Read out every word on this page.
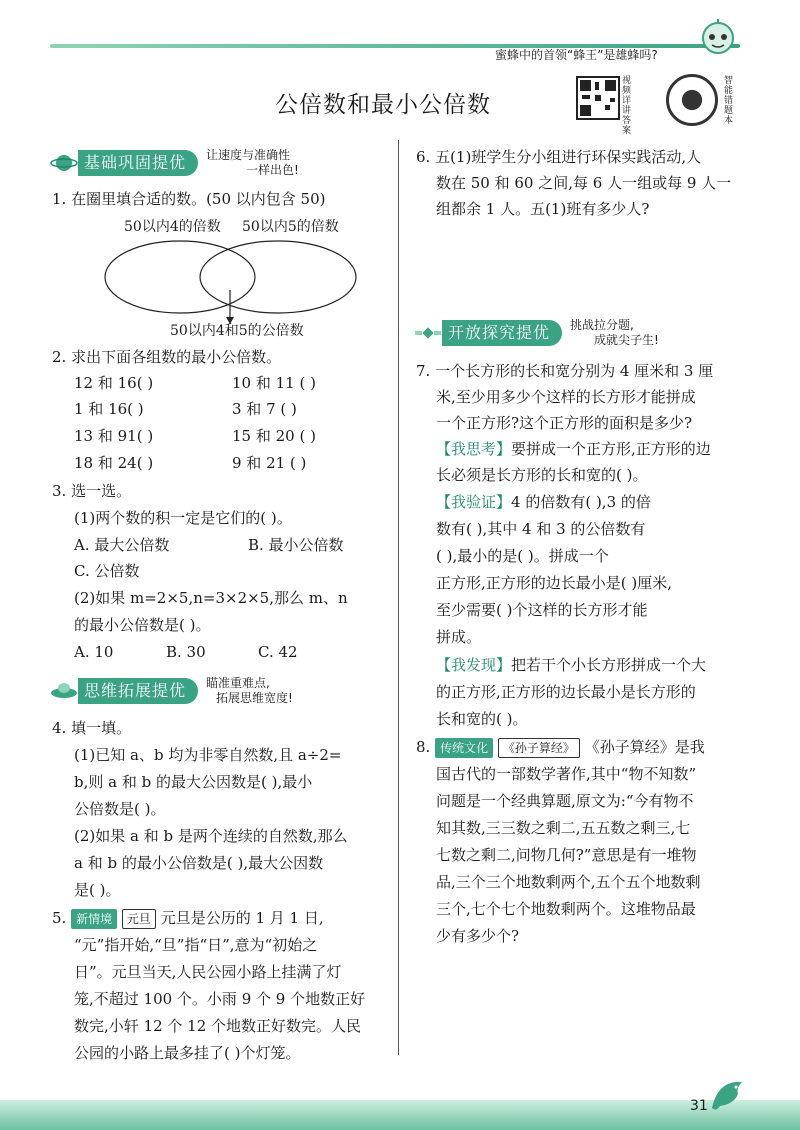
蜜蜂中的首领“蜂王”是雄蜂吗?
公倍数和最小公倍数
视频详讲答案
智能错题本
基础巩固提优	让速度与准确性
一样出色!
1. 在圈里填合适的数。(50 以内包含 50)
50以内4的倍数 50以内5的倍数
50以内4和5的公倍数
2. 求出下面各组数的最小公倍数。
12 和 16( )	10 和 11 ( )
1 和 16( )	3 和 7 ( )
13 和 91( )	15 和 20 ( )
18 和 24( )	9 和 21 ( )
3. 选一选。
(1)两个数的积一定是它们的( )。
A. 最大公倍数	B. 最小公倍数
C. 公倍数
(2)如果 m=2×5,n=3×2×5,那么 m、n
的最小公倍数是( )。
A. 10	B. 30	C. 42
思维拓展提优	瞄准重难点,
拓展思维宽度!
4. 填一填。
(1)已知 a、b 均为非零自然数,且 a÷2=
b,则 a 和 b 的最大公因数是( ),最小
公倍数是( )。
(2)如果 a 和 b 是两个连续的自然数,那么
a 和 b 的最小公倍数是( ),最大公因数
是( )。
5. 新情境 元旦 元旦是公历的 1 月 1 日,
“元”指开始,“旦”指“日”,意为“初始之
日”。元旦当天,人民公园小路上挂满了灯
笼,不超过 100 个。小雨 9 个 9 个地数正好
数完,小轩 12 个 12 个地数正好数完。人民
公园的小路上最多挂了( )个灯笼。
6. 五(1)班学生分小组进行环保实践活动,人
数在 50 和 60 之间,每 6 人一组或每 9 人一
组都余 1 人。五(1)班有多少人?
开放探究提优	挑战拉分题,
成就尖子生!
7. 一个长方形的长和宽分别为 4 厘米和 3 厘
米,至少用多少个这样的长方形才能拼成
一个正方形?这个正方形的面积是多少?
【我思考】要拼成一个正方形,正方形的边
长必须是长方形的长和宽的( )。
【我验证】4 的倍数有( ),3 的倍
数有( ),其中 4 和 3 的公倍数有
( ),最小的是( )。拼成一个
正方形,正方形的边长最小是( )厘米,
至少需要( )个这样的长方形才能
拼成。
【我发现】把若干个小长方形拼成一个大
的正方形,正方形的边长最小是长方形的
长和宽的( )。
8. 传统文化 《孙子算经》 《孙子算经》是我
国古代的一部数学著作,其中“物不知数”
问题是一个经典算题,原文为:“今有物不
知其数,三三数之剩二,五五数之剩三,七
七数之剩二,问物几何?”意思是有一堆物
品,三个三个地数剩两个,五个五个地数剩
三个,七个七个地数剩两个。这堆物品最
少有多少个?
31
